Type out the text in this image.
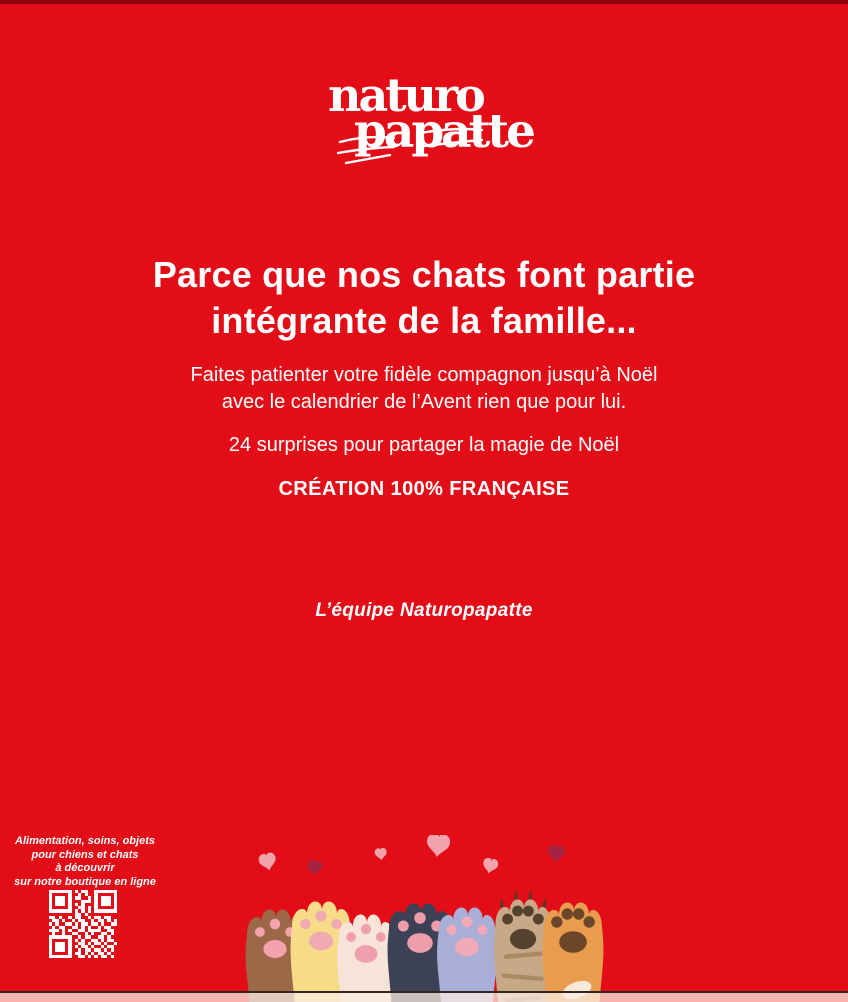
naturo
papatte
Parce que nos chats font partie
intégrante de la famille...

Faites patienter votre fidèle compagnon jusqu’à Noël
avec le calendrier de l’Avent rien que pour lui.

24 surprises pour partager la magie de Noël

CRÉATION 100% FRANÇAISE

L’équipe Naturopapatte

Alimentation, soins, objets
pour chiens et chats
à découvrir
sur notre boutique en ligne
